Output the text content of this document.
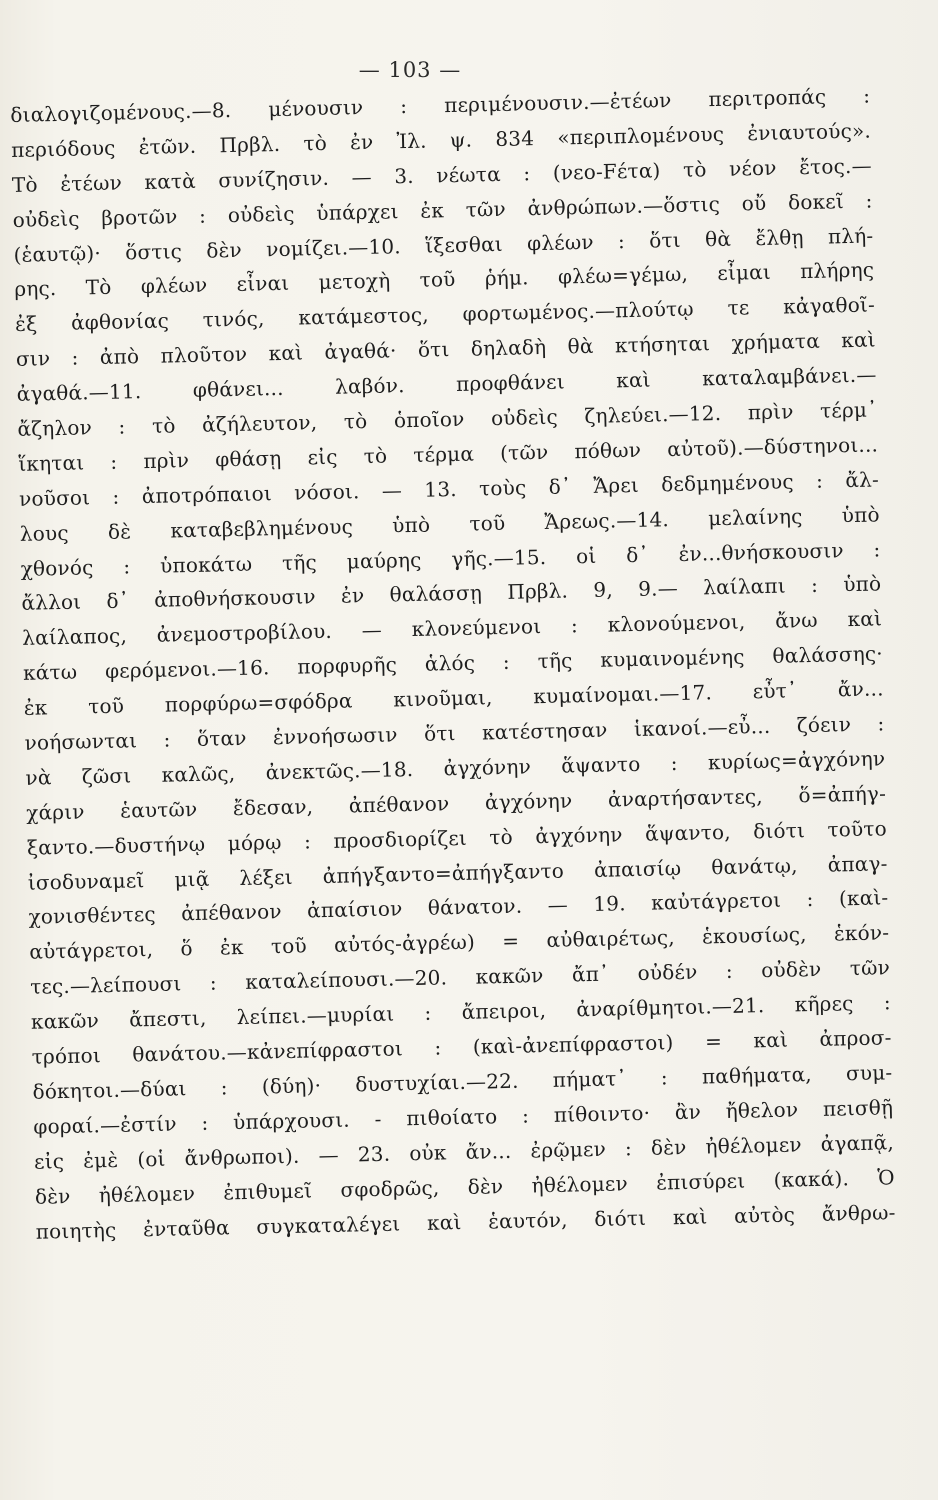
— 103 —
διαλογιζομένους.—8. μένουσιν : περιμένουσιν.—ἐτέων περιτροπάς :
περιόδους ἐτῶν. Πρβλ. τὸ ἐν Ἰλ. ψ. 834 «περιπλομένους ἐνιαυτούς».
Τὸ ἐτέων κατὰ συνίζησιν. — 3. νέωτα : (νεο-Fέτα) τὸ νέον ἔτος.—
οὐδεὶς βροτῶν : οὐδεὶς ὑπάρχει ἐκ τῶν ἀνθρώπων.—ὅστις οὔ δοκεῖ :
(ἑαυτῷ)· ὅστις δὲν νομίζει.—10. ἵξεσθαι φλέων : ὅτι θὰ ἔλθῃ πλή-
ρης. Τὸ φλέων εἶναι μετοχὴ τοῦ ῥήμ. φλέω=γέμω, εἶμαι πλήρης
ἐξ ἀφθονίας τινός, κατάμεστος, φορτωμένος.—πλούτῳ τε κἀγαθοῖ-
σιν : ἀπὸ πλοῦτον καὶ ἀγαθά· ὅτι δηλαδὴ θὰ κτήσηται χρήματα καὶ
ἀγαθά.—11. φθάνει... λαβόν. προφθάνει καὶ καταλαμβάνει.—
ἄζηλον : τὸ ἀζήλευτον, τὸ ὁποῖον οὐδεὶς ζηλεύει.—12. πρὶν τέρμ᾽
ἵκηται : πρὶν φθάσῃ εἰς τὸ τέρμα (τῶν πόθων αὐτοῦ).—δύστηνοι...
νοῦσοι : ἀποτρόπαιοι νόσοι. — 13. τοὺς δ᾽ Ἄρει δεδμημένους : ἄλ-
λους δὲ καταβεβλημένους ὑπὸ τοῦ Ἄρεως.—14. μελαίνης ὑπὸ
χθονός : ὑποκάτω τῆς μαύρης γῆς.—15. οἱ δ᾽ ἐν...θνήσκουσιν :
ἄλλοι δ᾽ ἀποθνήσκουσιν ἐν θαλάσσῃ Πρβλ. 9, 9.— λαίλαπι : ὑπὸ
λαίλαπος, ἀνεμοστροβίλου. — κλονεύμενοι : κλονούμενοι, ἄνω καὶ
κάτω φερόμενοι.—16. πορφυρῆς ἁλός : τῆς κυμαινομένης θαλάσσης·
ἐκ τοῦ πορφύρω=σφόδρα κινοῦμαι, κυμαίνομαι.—17. εὖτ᾽ ἄν...
νοήσωνται : ὅταν ἐννοήσωσιν ὅτι κατέστησαν ἱκανοί.—εὖ... ζόειν :
νὰ ζῶσι καλῶς, ἀνεκτῶς.—18. ἀγχόνην ἅψαντο : κυρίως=ἀγχόνην
χάριν ἑαυτῶν ἔδεσαν, ἀπέθανον ἀγχόνην ἀναρτήσαντες, ὅ=ἀπήγ-
ξαντο.—δυστήνῳ μόρῳ : προσδιορίζει τὸ ἀγχόνην ἅψαντο, διότι τοῦτο
ἰσοδυναμεῖ μιᾷ λέξει ἀπήγξαντο=ἀπήγξαντο ἀπαισίῳ θανάτῳ, ἀπαγ-
χονισθέντες ἀπέθανον ἀπαίσιον θάνατον. — 19. καὐτάγρετοι : (καὶ-
αὐτάγρετοι, ὅ ἐκ τοῦ αὐτός-ἀγρέω) = αὐθαιρέτως, ἑκουσίως, ἑκόν-
τες.—λείπουσι : καταλείπουσι.—20. κακῶν ἄπ᾽ οὐδέν : οὐδὲν τῶν
κακῶν ἄπεστι, λείπει.—μυρίαι : ἄπειροι, ἀναρίθμητοι.—21. κῆρες :
τρόποι θανάτου.—κἀνεπίφραστοι : (καὶ-ἀνεπίφραστοι) = καὶ ἀπροσ-
δόκητοι.—δύαι : (δύη)· δυστυχίαι.—22. πήματ᾽ : παθήματα, συμ-
φοραί.—ἐστίν : ὑπάρχουσι. - πιθοίατο : πίθοιντο· ἂν ἤθελον πεισθῇ
εἰς ἐμὲ (οἱ ἄνθρωποι). — 23. οὐκ ἄν... ἐρῷμεν : δὲν ἠθέλομεν ἀγαπᾷ,
δὲν ἠθέλομεν ἐπιθυμεῖ σφοδρῶς, δὲν ἠθέλομεν ἐπισύρει (κακά). Ὁ
ποιητὴς ἐνταῦθα συγκαταλέγει καὶ ἑαυτόν, διότι καὶ αὐτὸς ἄνθρω-
